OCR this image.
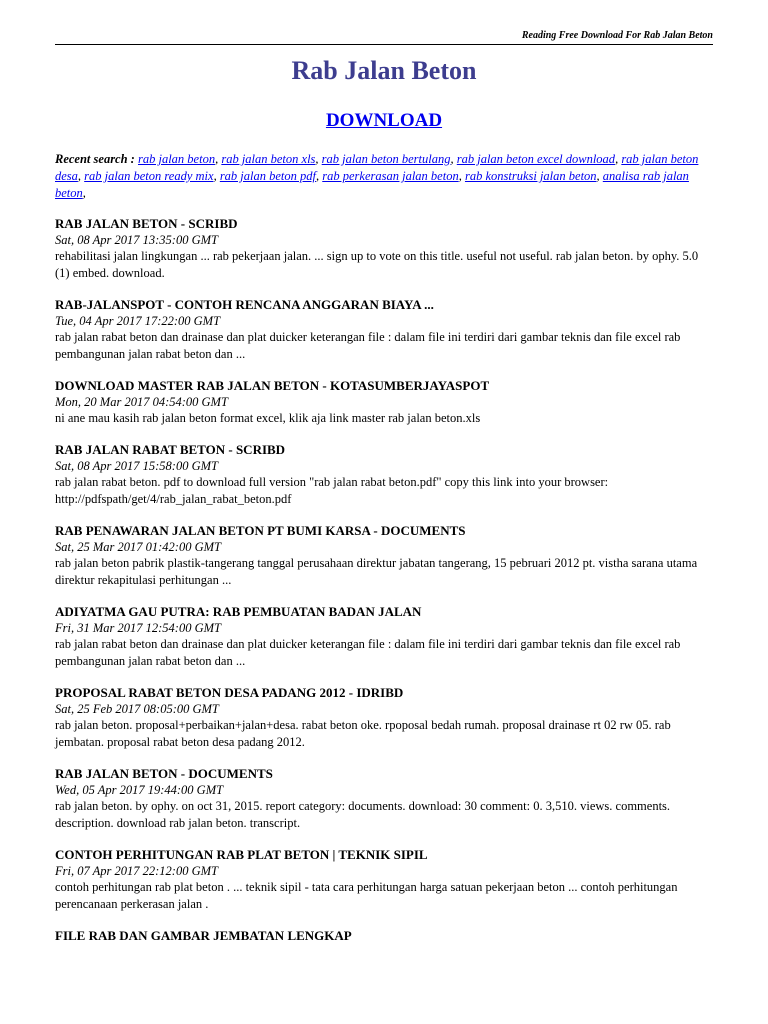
Reading Free Download For Rab Jalan Beton
Rab Jalan Beton
DOWNLOAD
Recent search : rab jalan beton, rab jalan beton xls, rab jalan beton bertulang, rab jalan beton excel download, rab jalan beton desa, rab jalan beton ready mix, rab jalan beton pdf, rab perkerasan jalan beton, rab konstruksi jalan beton, analisa rab jalan beton,
RAB JALAN BETON - SCRIBD
Sat, 08 Apr 2017 13:35:00 GMT
rehabilitasi jalan lingkungan ... rab pekerjaan jalan. ... sign up to vote on this title. useful not useful. rab jalan beton. by ophy. 5.0 (1) embed. download.
RAB-JALANSPOT - CONTOH RENCANA ANGGARAN BIAYA ...
Tue, 04 Apr 2017 17:22:00 GMT
rab jalan rabat beton dan drainase dan plat duicker keterangan file : dalam file ini terdiri dari gambar teknis dan file excel rab pembangunan jalan rabat beton dan ...
DOWNLOAD MASTER RAB JALAN BETON - KOTASUMBERJAYASPOT
Mon, 20 Mar 2017 04:54:00 GMT
ni ane mau kasih rab jalan beton format excel, klik aja link master rab jalan beton.xls
RAB JALAN RABAT BETON - SCRIBD
Sat, 08 Apr 2017 15:58:00 GMT
rab jalan rabat beton. pdf to download full version "rab jalan rabat beton.pdf" copy this link into your browser: http://pdfspath/get/4/rab_jalan_rabat_beton.pdf
RAB PENAWARAN JALAN BETON PT BUMI KARSA - DOCUMENTS
Sat, 25 Mar 2017 01:42:00 GMT
rab jalan beton pabrik plastik-tangerang tanggal perusahaan direktur jabatan tangerang, 15 pebruari 2012 pt. vistha sarana utama direktur rekapitulasi perhitungan ...
ADIYATMA GAU PUTRA: RAB PEMBUATAN BADAN JALAN
Fri, 31 Mar 2017 12:54:00 GMT
rab jalan rabat beton dan drainase dan plat duicker keterangan file : dalam file ini terdiri dari gambar teknis dan file excel rab pembangunan jalan rabat beton dan ...
PROPOSAL RABAT BETON DESA PADANG 2012 - IDRIBD
Sat, 25 Feb 2017 08:05:00 GMT
rab jalan beton. proposal+perbaikan+jalan+desa. rabat beton oke. rpoposal bedah rumah. proposal drainase rt 02 rw 05. rab jembatan. proposal rabat beton desa padang 2012.
RAB JALAN BETON - DOCUMENTS
Wed, 05 Apr 2017 19:44:00 GMT
rab jalan beton. by ophy. on oct 31, 2015. report category: documents. download: 30 comment: 0. 3,510. views. comments. description. download rab jalan beton. transcript.
CONTOH PERHITUNGAN RAB PLAT BETON | TEKNIK SIPIL
Fri, 07 Apr 2017 22:12:00 GMT
contoh perhitungan rab plat beton . ... teknik sipil - tata cara perhitungan harga satuan pekerjaan beton ... contoh perhitungan perencanaan perkerasan jalan .
FILE RAB DAN GAMBAR JEMBATAN LENGKAP
